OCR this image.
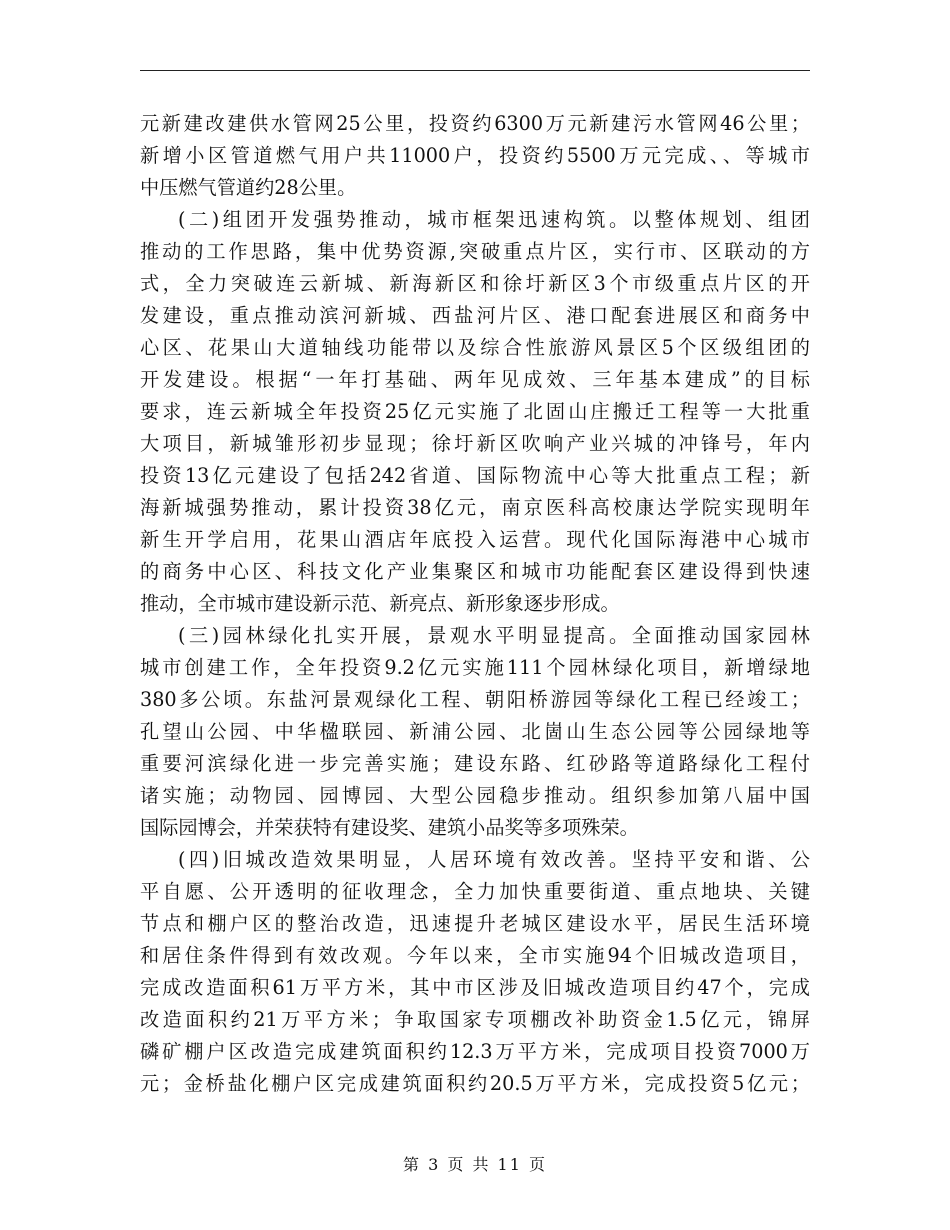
元新建改建供水管网25公里，投资约6300万元新建污水管网46公里；
新增小区管道燃气用户共11000户，投资约5500万元完成、、等城市
中压燃气管道约28公里。
(二)组团开发强势推动，城市框架迅速构筑。以整体规划、组团
推动的工作思路，集中优势资源,突破重点片区，实行市、区联动的方
式，全力突破连云新城、新海新区和徐圩新区3个市级重点片区的开
发建设，重点推动滨河新城、西盐河片区、港口配套进展区和商务中
心区、花果山大道轴线功能带以及综合性旅游风景区5个区级组团的
开发建设。根据“一年打基础、两年见成效、三年基本建成”的目标
要求，连云新城全年投资25亿元实施了北固山庄搬迁工程等一大批重
大项目，新城雏形初步显现；徐圩新区吹响产业兴城的冲锋号，年内
投资13亿元建设了包括242省道、国际物流中心等大批重点工程；新
海新城强势推动，累计投资38亿元，南京医科高校康达学院实现明年
新生开学启用，花果山酒店年底投入运营。现代化国际海港中心城市
的商务中心区、科技文化产业集聚区和城市功能配套区建设得到快速
推动，全市城市建设新示范、新亮点、新形象逐步形成。
(三)园林绿化扎实开展，景观水平明显提高。全面推动国家园林
城市创建工作，全年投资9.2亿元实施111个园林绿化项目，新增绿地
380多公顷。东盐河景观绿化工程、朝阳桥游园等绿化工程已经竣工；
孔望山公园、中华楹联园、新浦公园、北崮山生态公园等公园绿地等
重要河滨绿化进一步完善实施；建设东路、红砂路等道路绿化工程付
诸实施；动物园、园博园、大型公园稳步推动。组织参加第八届中国
国际园博会，并荣获特有建设奖、建筑小品奖等多项殊荣。
(四)旧城改造效果明显，人居环境有效改善。坚持平安和谐、公
平自愿、公开透明的征收理念，全力加快重要街道、重点地块、关键
节点和棚户区的整治改造，迅速提升老城区建设水平，居民生活环境
和居住条件得到有效改观。今年以来，全市实施94个旧城改造项目，
完成改造面积61万平方米，其中市区涉及旧城改造项目约47个，完成
改造面积约21万平方米；争取国家专项棚改补助资金1.5亿元，锦屏
磷矿棚户区改造完成建筑面积约12.3万平方米，完成项目投资7000万
元；金桥盐化棚户区完成建筑面积约20.5万平方米，完成投资5亿元；
第 3 页 共 11 页
